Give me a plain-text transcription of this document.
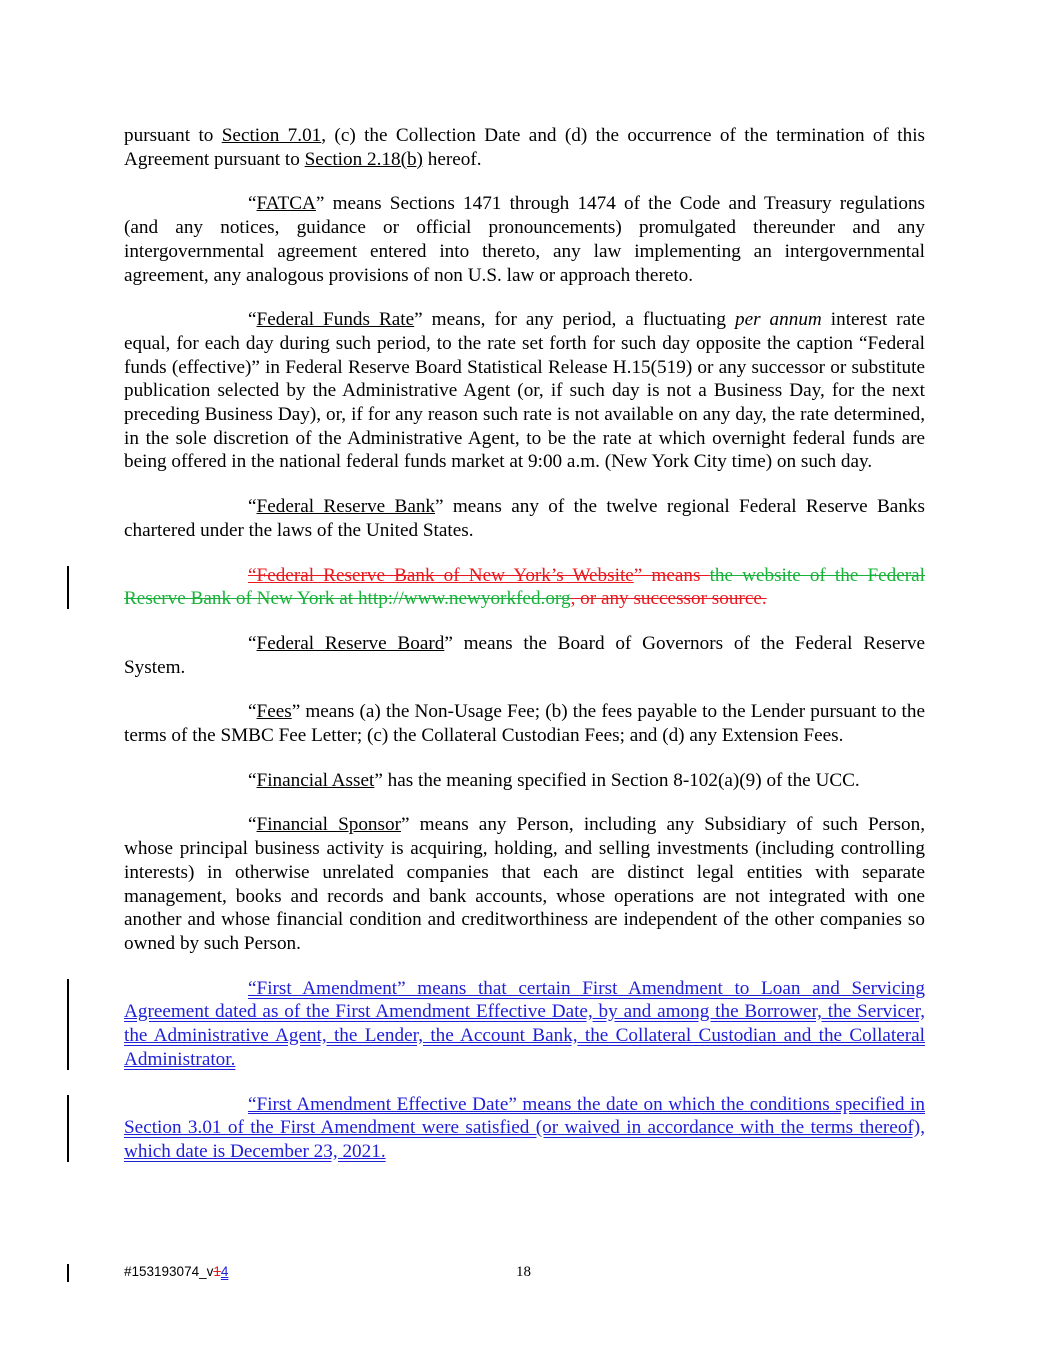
pursuant to Section 7.01, (c) the Collection Date and (d) the occurrence of the termination of this Agreement pursuant to Section 2.18(b) hereof.

“FATCA” means Sections 1471 through 1474 of the Code and Treasury regulations (and any notices, guidance or official pronouncements) promulgated thereunder and any intergovernmental agreement entered into thereto, any law implementing an intergovernmental agreement, any analogous provisions of non U.S. law or approach thereto.

“Federal Funds Rate” means, for any period, a fluctuating per annum interest rate equal, for each day during such period, to the rate set forth for such day opposite the caption “Federal funds (effective)” in Federal Reserve Board Statistical Release H.15(519) or any successor or substitute publication selected by the Administrative Agent (or, if such day is not a Business Day, for the next preceding Business Day), or, if for any reason such rate is not available on any day, the rate determined, in the sole discretion of the Administrative Agent, to be the rate at which overnight federal funds are being offered in the national federal funds market at 9:00 a.m. (New York City time) on such day.

“Federal Reserve Bank” means any of the twelve regional Federal Reserve Banks chartered under the laws of the United States.

“Federal Reserve Bank of New York’s Website” means the website of the Federal Reserve Bank of New York at http://www.newyorkfed.org, or any successor source.

“Federal Reserve Board” means the Board of Governors of the Federal Reserve System.

“Fees” means (a) the Non-Usage Fee; (b) the fees payable to the Lender pursuant to the terms of the SMBC Fee Letter; (c) the Collateral Custodian Fees; and (d) any Extension Fees.

“Financial Asset” has the meaning specified in Section 8-102(a)(9) of the UCC.

“Financial Sponsor” means any Person, including any Subsidiary of such Person, whose principal business activity is acquiring, holding, and selling investments (including controlling interests) in otherwise unrelated companies that each are distinct legal entities with separate management, books and records and bank accounts, whose operations are not integrated with one another and whose financial condition and creditworthiness are independent of the other companies so owned by such Person.

“First Amendment” means that certain First Amendment to Loan and Servicing Agreement dated as of the First Amendment Effective Date, by and among the Borrower, the Servicer, the Administrative Agent, the Lender, the Account Bank, the Collateral Custodian and the Collateral Administrator.

“First Amendment Effective Date” means the date on which the conditions specified in Section 3.01 of the First Amendment were satisfied (or waived in accordance with the terms thereof), which date is December 23, 2021.

#153193074_v14	18
